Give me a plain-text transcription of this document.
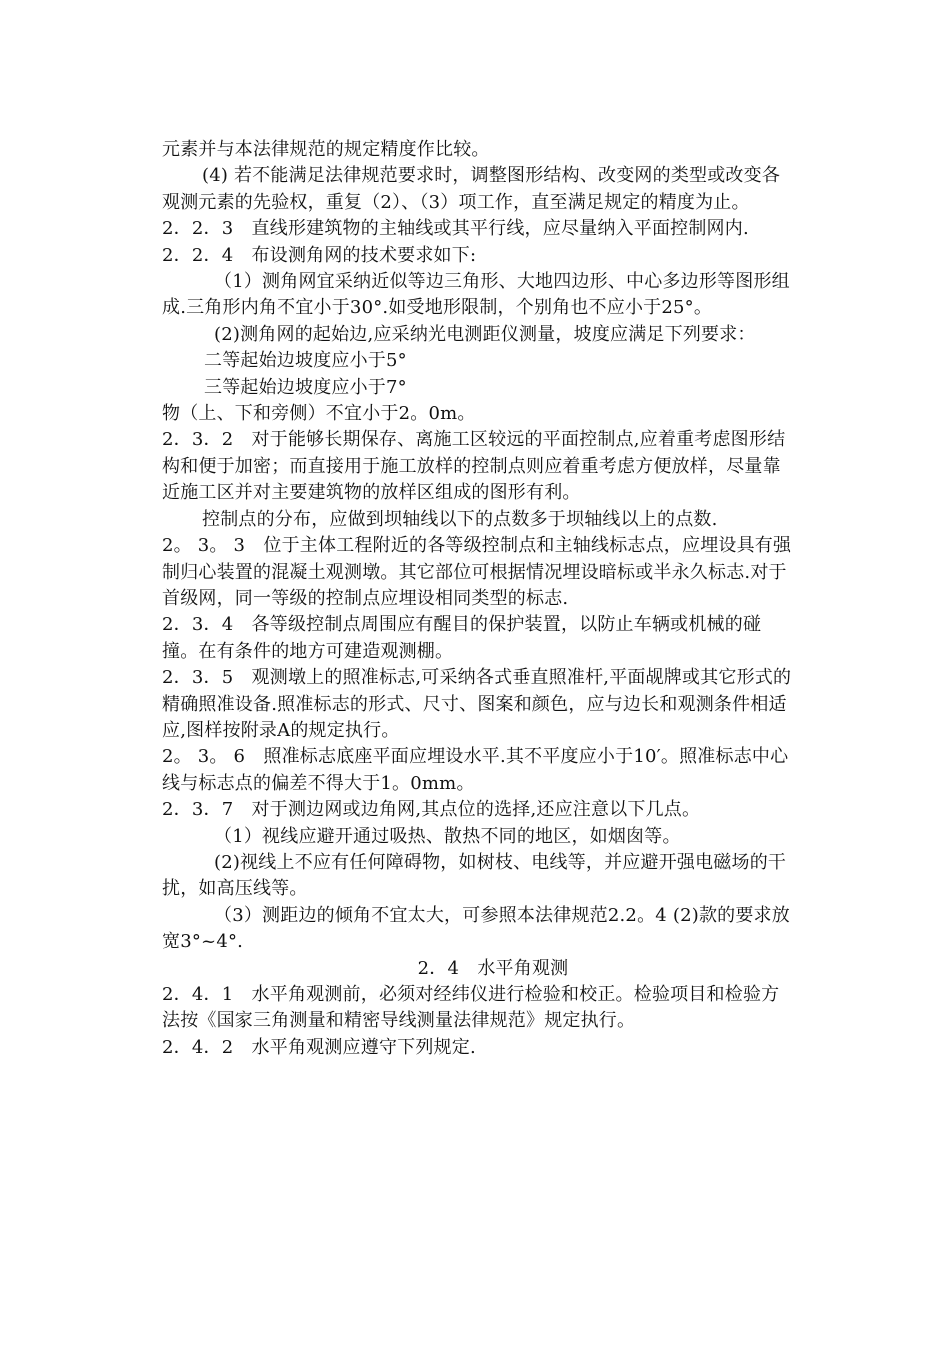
元素并与本法律规范的规定精度作比较。

(4) 若不能满足法律规范要求时，调整图形结构、改变网的类型或改变各观测元素的先验权，重复（2）、（3）项工作，直至满足规定的精度为止。

2．2．3　直线形建筑物的主轴线或其平行线，应尽量纳入平面控制网内.

2．2．4　布设测角网的技术要求如下:

（1）测角网宜采纳近似等边三角形、大地四边形、中心多边形等图形组成.三角形内角不宜小于30°.如受地形限制，个别角也不应小于25°。

(2)测角网的起始边,应采纳光电测距仪测量，坡度应满足下列要求：

二等起始边坡度应小于5°

三等起始边坡度应小于7°

物（上、下和旁侧）不宜小于2。0m。

2．3．2　对于能够长期保存、离施工区较远的平面控制点,应着重考虑图形结构和便于加密；而直接用于施工放样的控制点则应着重考虑方便放样，尽量靠近施工区并对主要建筑物的放样区组成的图形有利。

控制点的分布，应做到坝轴线以下的点数多于坝轴线以上的点数.

2。 3。 3　位于主体工程附近的各等级控制点和主轴线标志点，应埋设具有强制归心装置的混凝土观测墩。其它部位可根据情况埋设暗标或半永久标志.对于首级网，同一等级的控制点应埋设相同类型的标志.

2．3．4　各等级控制点周围应有醒目的保护装置，以防止车辆或机械的碰撞。在有条件的地方可建造观测棚。

2．3．5　观测墩上的照准标志,可采纳各式垂直照准杆,平面觇牌或其它形式的精确照准设备.照准标志的形式、尺寸、图案和颜色，应与边长和观测条件相适应,图样按附录A的规定执行。

2。 3。 6　照准标志底座平面应埋设水平.其不平度应小于10′。照准标志中心线与标志点的偏差不得大于1。0mm。

2．3．7　对于测边网或边角网,其点位的选择,还应注意以下几点。

（1）视线应避开通过吸热、散热不同的地区，如烟囱等。

(2)视线上不应有任何障碍物，如树枝、电线等，并应避开强电磁场的干扰，如高压线等。

（3）测距边的倾角不宜太大，可参照本法律规范2.2。4 (2)款的要求放宽3°~4°.

2．4　水平角观测

2．4．1　水平角观测前，必须对经纬仪进行检验和校正。检验项目和检验方法按《国家三角测量和精密导线测量法律规范》规定执行。

2．4．2　水平角观测应遵守下列规定.
